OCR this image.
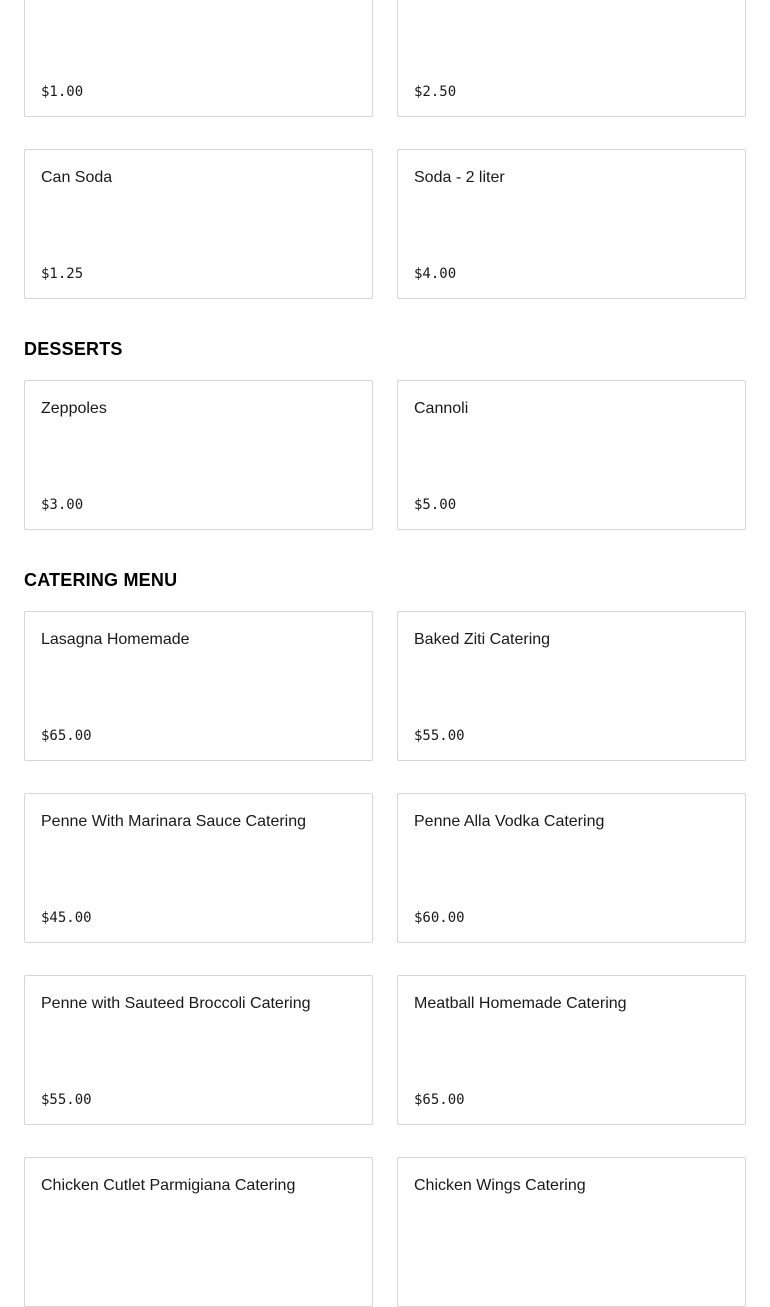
$1.00	$2.50
Can Soda
$1.25
Soda - 2 liter
$4.00
DESSERTS
Zeppoles
$3.00
Cannoli
$5.00
CATERING MENU
Lasagna Homemade
$65.00
Baked Ziti Catering
$55.00
Penne With Marinara Sauce Catering
$45.00
Penne Alla Vodka Catering
$60.00
Penne with Sauteed Broccoli Catering
$55.00
Meatball Homemade Catering
$65.00
Chicken Cutlet Parmigiana Catering	Chicken Wings Catering
